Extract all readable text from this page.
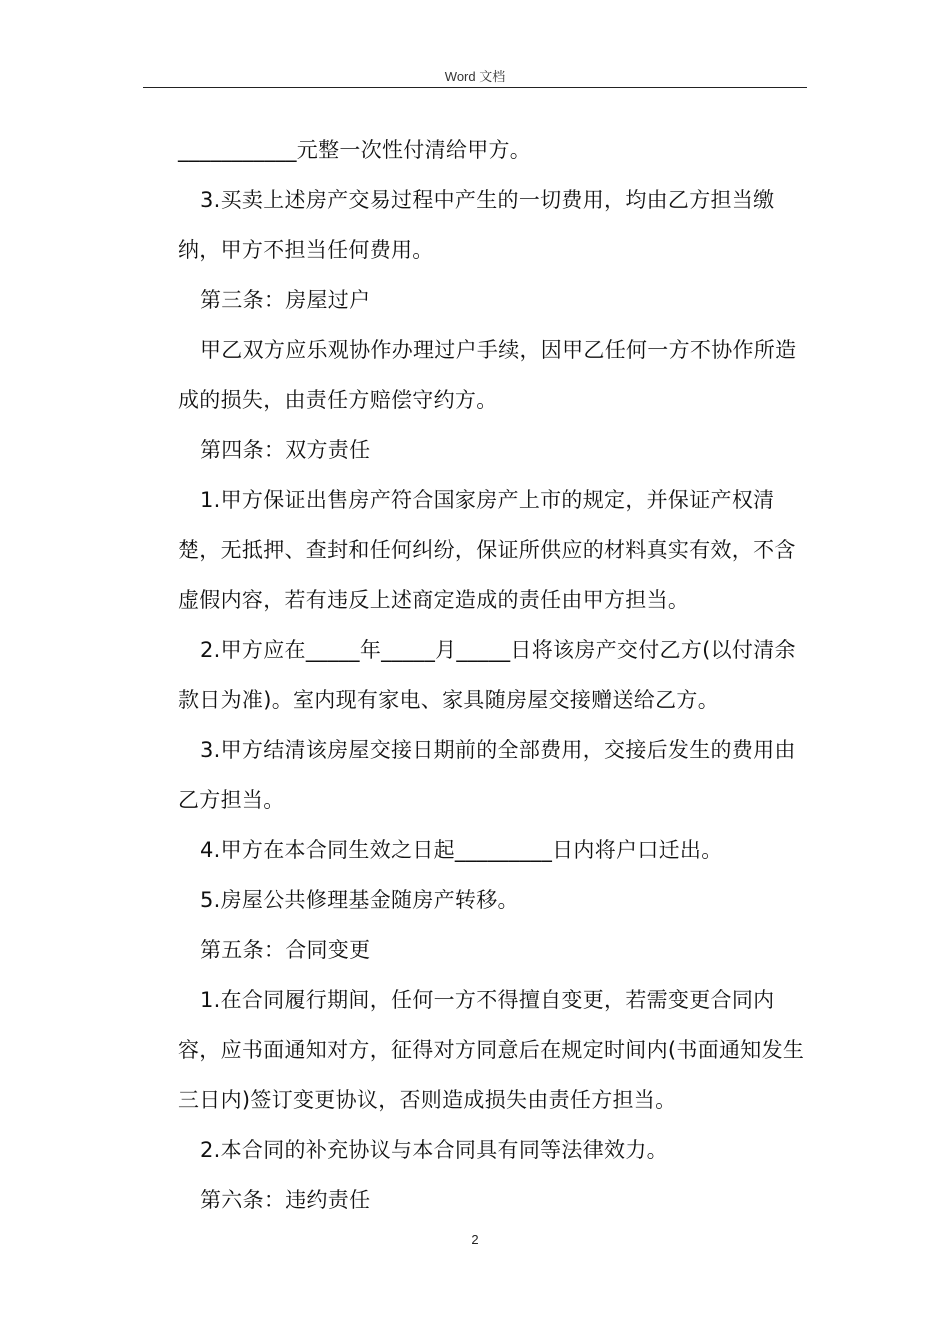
Word 文档

___________元整一次性付清给甲方。

3.买卖上述房产交易过程中产生的一切费用，均由乙方担当缴纳，甲方不担当任何费用。

第三条：房屋过户

甲乙双方应乐观协作办理过户手续，因甲乙任何一方不协作所造成的损失，由责任方赔偿守约方。

第四条：双方责任

1.甲方保证出售房产符合国家房产上市的规定，并保证产权清楚，无抵押、查封和任何纠纷，保证所供应的材料真实有效，不含虚假内容，若有违反上述商定造成的责任由甲方担当。

2.甲方应在_____年_____月_____日将该房产交付乙方(以付清余款日为准)。室内现有家电、家具随房屋交接赠送给乙方。

3.甲方结清该房屋交接日期前的全部费用，交接后发生的费用由乙方担当。

4.甲方在本合同生效之日起_________日内将户口迁出。

5.房屋公共修理基金随房产转移。

第五条：合同变更

1.在合同履行期间，任何一方不得擅自变更，若需变更合同内容，应书面通知对方，征得对方同意后在规定时间内(书面通知发生三日内)签订变更协议，否则造成损失由责任方担当。

2.本合同的补充协议与本合同具有同等法律效力。

第六条：违约责任

2
